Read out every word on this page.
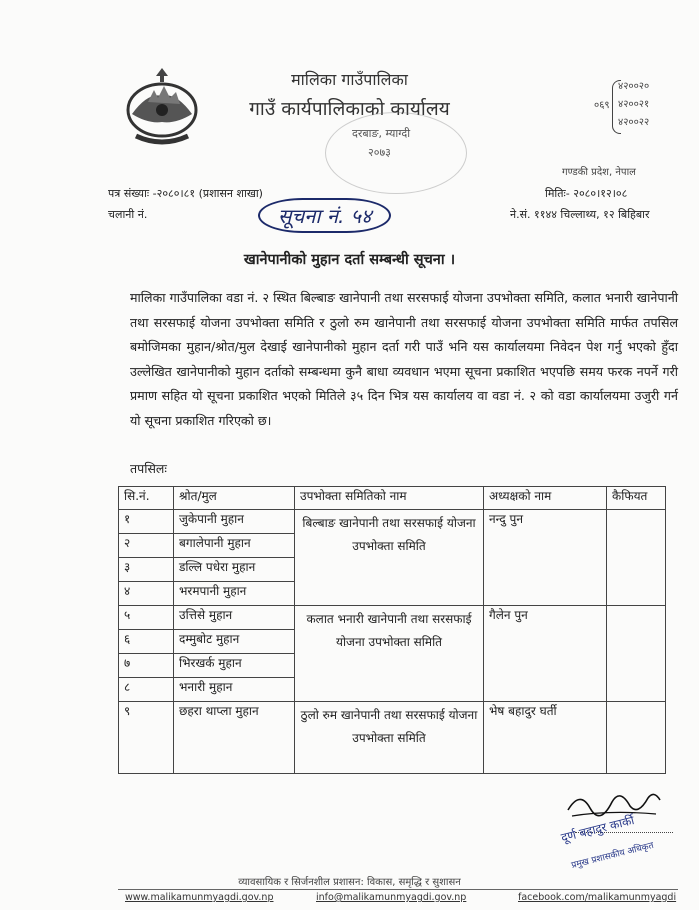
मालिका गाउँपालिका
गाउँ कार्यपालिकाको कार्यालय
दरबाङ, म्याग्दी
२०७३
०६९
४२००२०
४२००२१
४२००२२
गण्डकी प्रदेश, नेपाल
पत्र संख्याः -२०८०।८१ (प्रशासन शाखा)	मितिः- २०८०।१२।०८
चलानी नं.	ने.सं. ११४४ चिल्लाथ्य, १२ बिहिबार
सूचना नं. ५४
खानेपानीको मुहान दर्ता सम्बन्धी सूचना ।
मालिका गाउँपालिका वडा नं. २ स्थित बिल्बाङ खानेपानी तथा सरसफाई योजना उपभोक्ता समिति, कलात भनारी खानेपानी तथा सरसफाई योजना उपभोक्ता समिति र ठुलो रुम खानेपानी तथा सरसफाई योजना उपभोक्ता समिति मार्फत तपसिल बमोजिमका मुहान/श्रोत/मुल देखाई खानेपानीको मुहान दर्ता गरी पाउँ भनि यस कार्यालयमा निवेदन पेश गर्नु भएको हुँदा उल्लेखित खानेपानीको मुहान दर्ताको सम्बन्धमा कुनै बाधा व्यवधान भएमा सूचना प्रकाशित भएपछि समय फरक नपर्ने गरी प्रमाण सहित यो सूचना प्रकाशित भएको मितिले ३५ दिन भित्र यस कार्यालय वा वडा नं. २ को वडा कार्यालयमा उजुरी गर्न यो सूचना प्रकाशित गरिएको छ।
तपसिलः
सि.नं.	श्रोत/मुल	उपभोक्ता समितिको नाम	अध्यक्षको नाम	कैफियत
१	जुकेपानी मुहान	बिल्बाङ खानेपानी तथा सरसफाई योजना उपभोक्ता समिति	नन्दु पुन	
२	बगालेपानी मुहान			
३	डल्लि पधेरा मुहान			
४	भरमपानी मुहान			
५	उत्तिसे मुहान	कलात भनारी खानेपानी तथा सरसफाई योजना उपभोक्ता समिति	गैलेन पुन	
६	दम्मुबोट मुहान			
७	भिरखर्क मुहान			
८	भनारी मुहान			
९	छहरा थाप्ला मुहान	ठुलो रुम खानेपानी तथा सरसफाई योजना उपभोक्ता समिति	भेष बहादुर घर्ती	
दूर्ण बहादुर कार्की
प्रमुख प्रशासकीय अधिकृत
व्यावसायिक र सिर्जनशील प्रशासन: विकास, समृद्धि र सुशासन
www.malikamunmyagdi.gov.np	info@malikamunmyagdi.gov.np	facebook.com/malikamunmyagdi
